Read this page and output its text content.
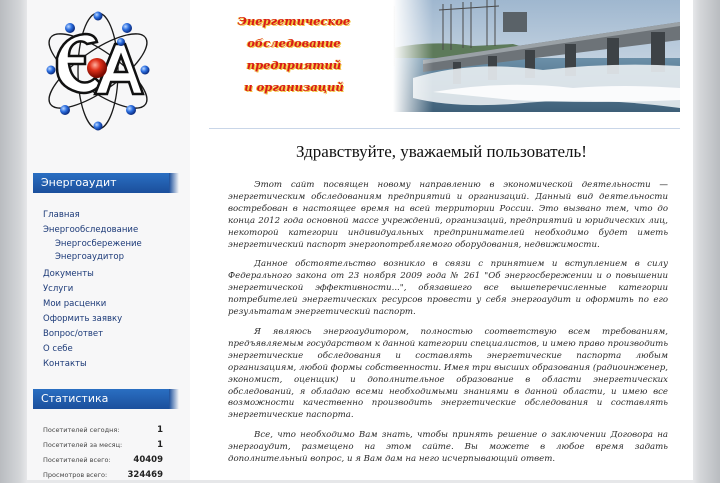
Энергоаудит
Главная
Энергообследование
Энергосбережение
Энергоаудитор
Документы
Услуги
Мои расценки
Оформить заявку
Вопрос/ответ
О себе
Контакты
Статистика
Посетителей сегодня:	1
Посетителей за месяц:	1
Посетителей всего:	40409
Просмотров всего: 324469
Энергетическое
обследование
предприятий
и организаций
Здравствуйте, уважаемый пользователь!

Этот сайт посвящен новому направлению в экономической деятельности — энергетическим обследованиям предприятий и организаций. Данный вид деятельности востребован в настоящее время на всей территории России. Это вызвано тем, что до конца 2012 года основной массе учреждений, организаций, предприятий и юридических лиц, некоторой категории индивидуальных предпринимателей необходимо будет иметь энергетический паспорт энергопотребляемого оборудования, недвижимости.

Данное обстоятельство возникло в связи с принятием и вступлением в силу Федерального закона от 23 ноября 2009 года № 261 "Об энергосбережении и о повышении энергетической эффективности...", обязавшего все вышеперечисленные категории потребителей энергетических ресурсов провести у себя энергоаудит и оформить по его результатам энергетический паспорт.

Я являюсь энергоаудитором, полностью соответствую всем требованиям, предъявляемым государством к данной категории специалистов, и имею право производить энергетические обследования и составлять энергетические паспорта любым организациям, любой формы собственности. Имея три высших образования (радиоинженер, экономист, оценщик) и дополнительное образование в области энергетических обследований, я обладаю всеми необходимыми знаниями в данной области, и имею все возможности качественно производить энергетические обследования и составлять энергетические паспорта.

Все, что необходимо Вам знать, чтобы принять решение о заключении Договора на энергоаудит, размещено на этом сайте. Вы можете в любое время задать дополнительный вопрос, и я Вам дам на него исчерпывающий ответ.
